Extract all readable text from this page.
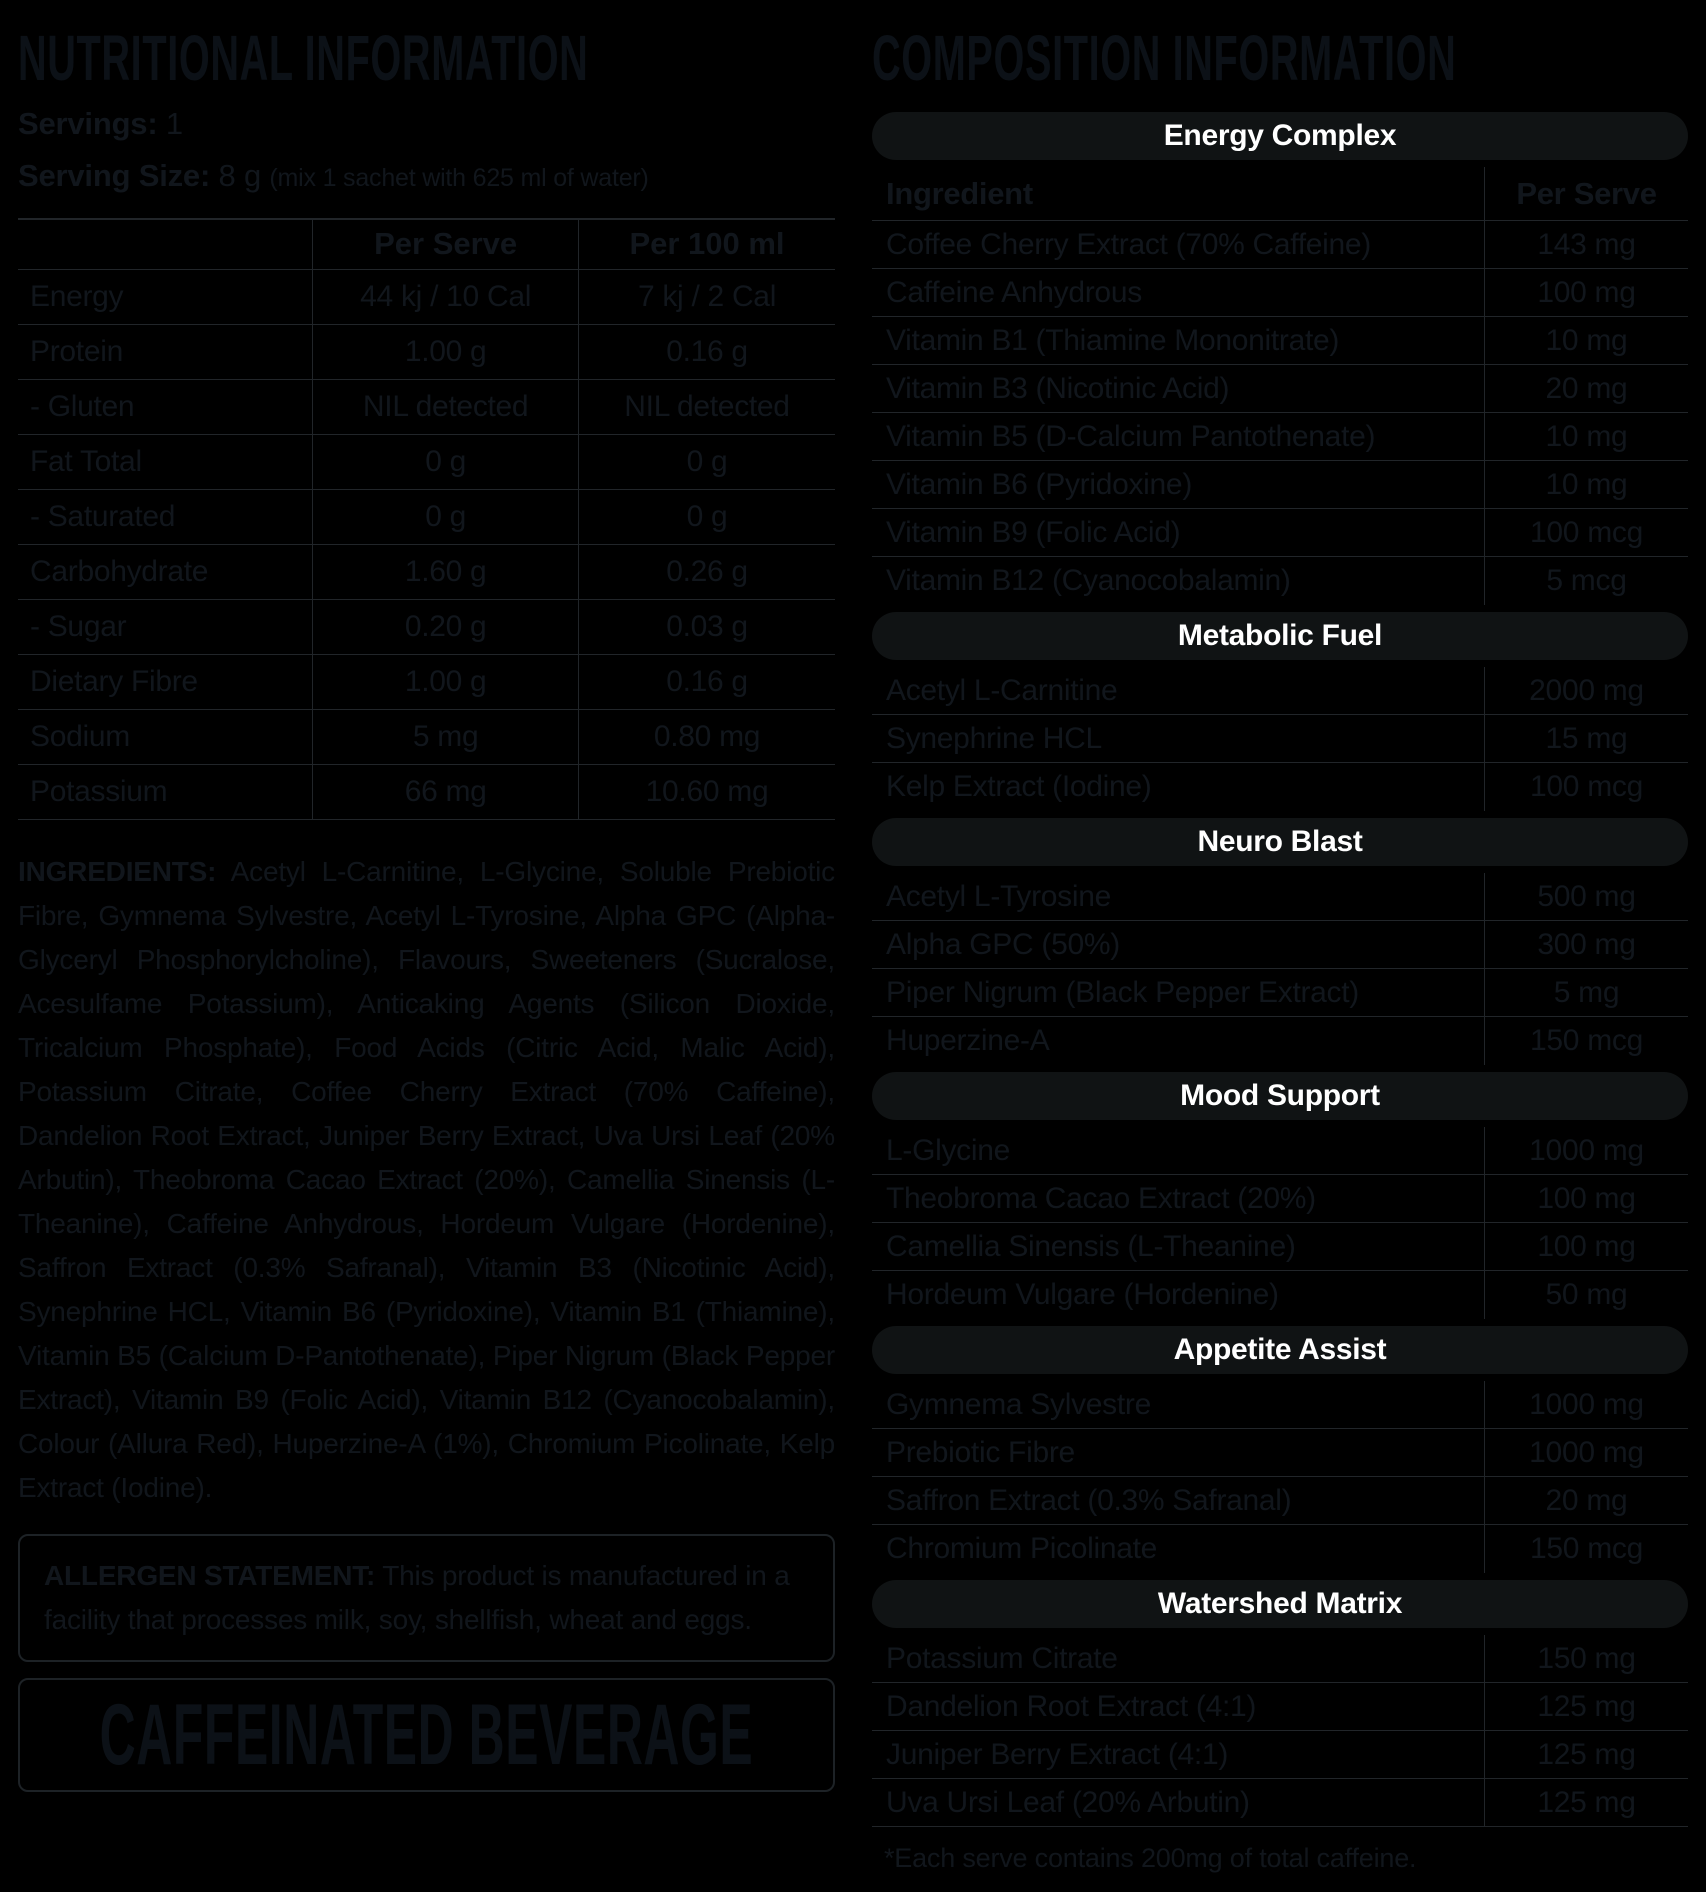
NUTRITIONAL INFORMATION
Servings: 1
Serving Size: 8 g (mix 1 sachet with 625 ml of water)
	Per Serve	Per 100 ml
Energy	44 kj / 10 Cal	7 kj / 2 Cal
Protein	1.00 g	0.16 g
- Gluten	NIL detected	NIL detected
Fat Total	0 g	0 g
- Saturated	0 g	0 g
Carbohydrate	1.60 g	0.26 g
- Sugar	0.20 g	0.03 g
Dietary Fibre	1.00 g	0.16 g
Sodium	5 mg	0.80 mg
Potassium	66 mg	10.60 mg

INGREDIENTS: Acetyl L-Carnitine, L-Glycine, Soluble Prebiotic Fibre, Gymnema Sylvestre, Acetyl L-Tyrosine, Alpha GPC (Alpha-Glyceryl Phosphorylcholine), Flavours, Sweeteners (Sucralose, Acesulfame Potassium), Anticaking Agents (Silicon Dioxide, Tricalcium Phosphate), Food Acids (Citric Acid, Malic Acid), Potassium Citrate, Coffee Cherry Extract (70% Caffeine), Dandelion Root Extract, Juniper Berry Extract, Uva Ursi Leaf (20% Arbutin), Theobroma Cacao Extract (20%), Camellia Sinensis (L-Theanine), Caffeine Anhydrous, Hordeum Vulgare (Hordenine), Saffron Extract (0.3% Safranal), Vitamin B3 (Nicotinic Acid), Synephrine HCL, Vitamin B6 (Pyridoxine), Vitamin B1 (Thiamine), Vitamin B5 (Calcium D-Pantothenate), Piper Nigrum (Black Pepper Extract), Vitamin B9 (Folic Acid), Vitamin B12 (Cyanocobalamin), Colour (Allura Red), Huperzine-A (1%), Chromium Picolinate, Kelp Extract (Iodine).

ALLERGEN STATEMENT: This product is manufactured in a facility that processes milk, soy, shellfish, wheat and eggs.
CAFFEINATED BEVERAGE
COMPOSITION INFORMATION
Energy Complex
Ingredient	Per Serve
Coffee Cherry Extract (70% Caffeine)	143 mg
Caffeine Anhydrous	100 mg
Vitamin B1 (Thiamine Mononitrate)	10 mg
Vitamin B3 (Nicotinic Acid)	20 mg
Vitamin B5 (D-Calcium Pantothenate)	10 mg
Vitamin B6 (Pyridoxine)	10 mg
Vitamin B9 (Folic Acid)	100 mcg
Vitamin B12 (Cyanocobalamin)	5 mcg
Metabolic Fuel
Acetyl L-Carnitine	2000 mg
Synephrine HCL	15 mg
Kelp Extract (Iodine)	100 mcg
Neuro Blast
Acetyl L-Tyrosine	500 mg
Alpha GPC (50%)	300 mg
Piper Nigrum (Black Pepper Extract)	5 mg
Huperzine-A	150 mcg
Mood Support
L-Glycine	1000 mg
Theobroma Cacao Extract (20%)	100 mg
Camellia Sinensis (L-Theanine)	100 mg
Hordeum Vulgare (Hordenine)	50 mg
Appetite Assist
Gymnema Sylvestre	1000 mg
Prebiotic Fibre	1000 mg
Saffron Extract (0.3% Safranal)	20 mg
Chromium Picolinate	150 mcg
Watershed Matrix
Potassium Citrate	150 mg
Dandelion Root Extract (4:1)	125 mg
Juniper Berry Extract (4:1)	125 mg
Uva Ursi Leaf (20% Arbutin)	125 mg
*Each serve contains 200mg of total caffeine.
